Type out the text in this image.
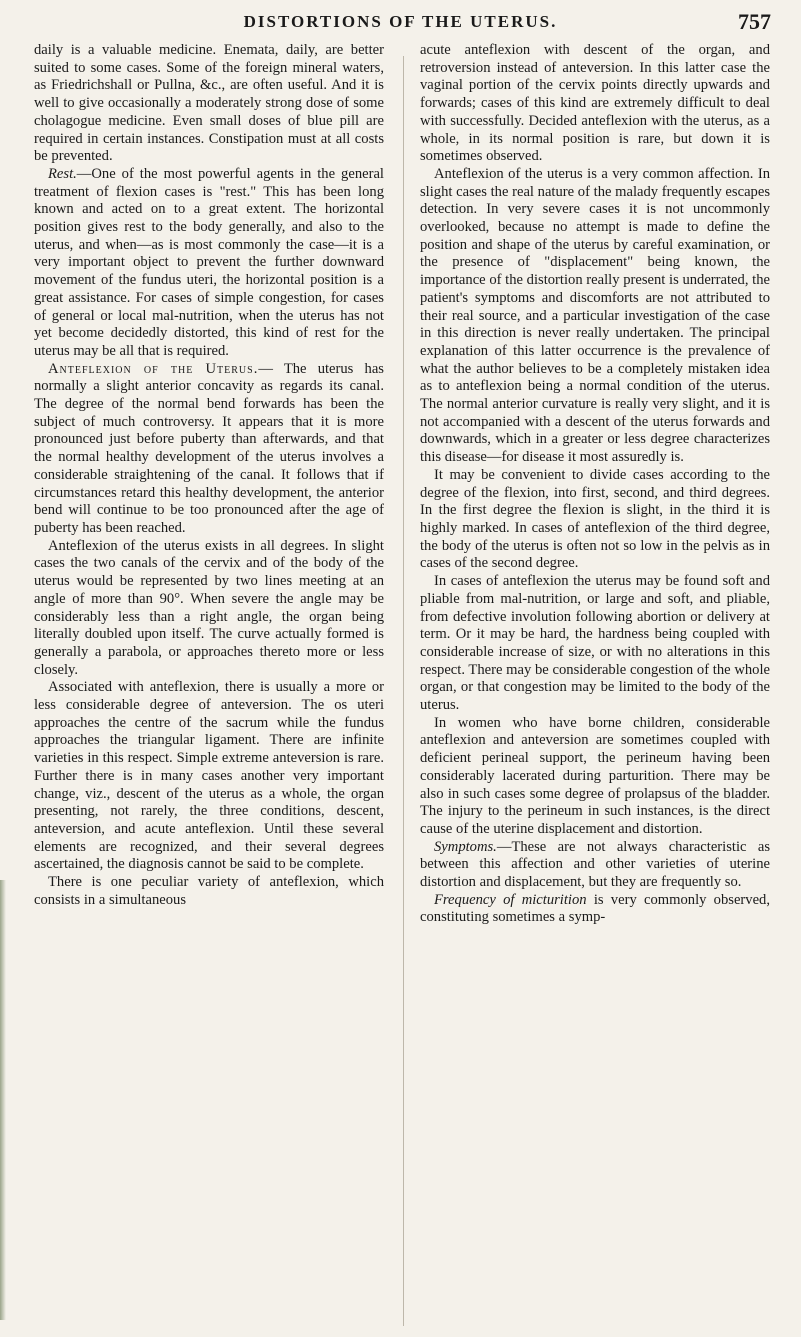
DISTORTIONS OF THE UTERUS.	757

daily is a valuable medicine. Enemata, daily, are better suited to some cases. Some of the foreign mineral waters, as Friedrichshall or Pullna, &c., are often useful. And it is well to give occasionally a moderately strong dose of some cholagogue medicine. Even small doses of blue pill are required in certain instances. Constipation must at all costs be prevented.

Rest.—One of the most powerful agents in the general treatment of flexion cases is "rest." This has been long known and acted on to a great extent. The horizontal position gives rest to the body generally, and also to the uterus, and when—as is most commonly the case—it is a very important object to prevent the further downward movement of the fundus uteri, the horizontal position is a great assistance. For cases of simple congestion, for cases of general or local mal-nutrition, when the uterus has not yet become decidedly distorted, this kind of rest for the uterus may be all that is required.

Anteflexion of the Uterus.— The uterus has normally a slight anterior concavity as regards its canal. The degree of the normal bend forwards has been the subject of much controversy. It appears that it is more pronounced just before puberty than afterwards, and that the normal healthy development of the uterus involves a considerable straightening of the canal. It follows that if circumstances retard this healthy development, the anterior bend will continue to be too pronounced after the age of puberty has been reached.

Anteflexion of the uterus exists in all degrees. In slight cases the two canals of the cervix and of the body of the uterus would be represented by two lines meeting at an angle of more than 90°. When severe the angle may be considerably less than a right angle, the organ being literally doubled upon itself. The curve actually formed is generally a parabola, or approaches thereto more or less closely.

Associated with anteflexion, there is usually a more or less considerable degree of anteversion. The os uteri approaches the centre of the sacrum while the fundus approaches the triangular ligament. There are infinite varieties in this respect. Simple extreme anteversion is rare. Further there is in many cases another very important change, viz., descent of the uterus as a whole, the organ presenting, not rarely, the three conditions, descent, anteversion, and acute anteflexion. Until these several elements are recognized, and their several degrees ascertained, the diagnosis cannot be said to be complete.

There is one peculiar variety of anteflexion, which consists in a simultaneous

acute anteflexion with descent of the organ, and retroversion instead of anteversion. In this latter case the vaginal portion of the cervix points directly upwards and forwards; cases of this kind are extremely difficult to deal with successfully. Decided anteflexion with the uterus, as a whole, in its normal position is rare, but down it is sometimes observed.

Anteflexion of the uterus is a very common affection. In slight cases the real nature of the malady frequently escapes detection. In very severe cases it is not uncommonly overlooked, because no attempt is made to define the position and shape of the uterus by careful examination, or the presence of "displacement" being known, the importance of the distortion really present is underrated, the patient's symptoms and discomforts are not attributed to their real source, and a particular investigation of the case in this direction is never really undertaken. The principal explanation of this latter occurrence is the prevalence of what the author believes to be a completely mistaken idea as to anteflexion being a normal condition of the uterus. The normal anterior curvature is really very slight, and it is not accompanied with a descent of the uterus forwards and downwards, which in a greater or less degree characterizes this disease—for disease it most assuredly is.

It may be convenient to divide cases according to the degree of the flexion, into first, second, and third degrees. In the first degree the flexion is slight, in the third it is highly marked. In cases of anteflexion of the third degree, the body of the uterus is often not so low in the pelvis as in cases of the second degree.

In cases of anteflexion the uterus may be found soft and pliable from mal-nutrition, or large and soft, and pliable, from defective involution following abortion or delivery at term. Or it may be hard, the hardness being coupled with considerable increase of size, or with no alterations in this respect. There may be considerable congestion of the whole organ, or that congestion may be limited to the body of the uterus.

In women who have borne children, considerable anteflexion and anteversion are sometimes coupled with deficient perineal support, the perineum having been considerably lacerated during parturition. There may be also in such cases some degree of prolapsus of the bladder. The injury to the perineum in such instances, is the direct cause of the uterine displacement and distortion.

Symptoms.—These are not always characteristic as between this affection and other varieties of uterine distortion and displacement, but they are frequently so.

Frequency of micturition is very commonly observed, constituting sometimes a symp-
